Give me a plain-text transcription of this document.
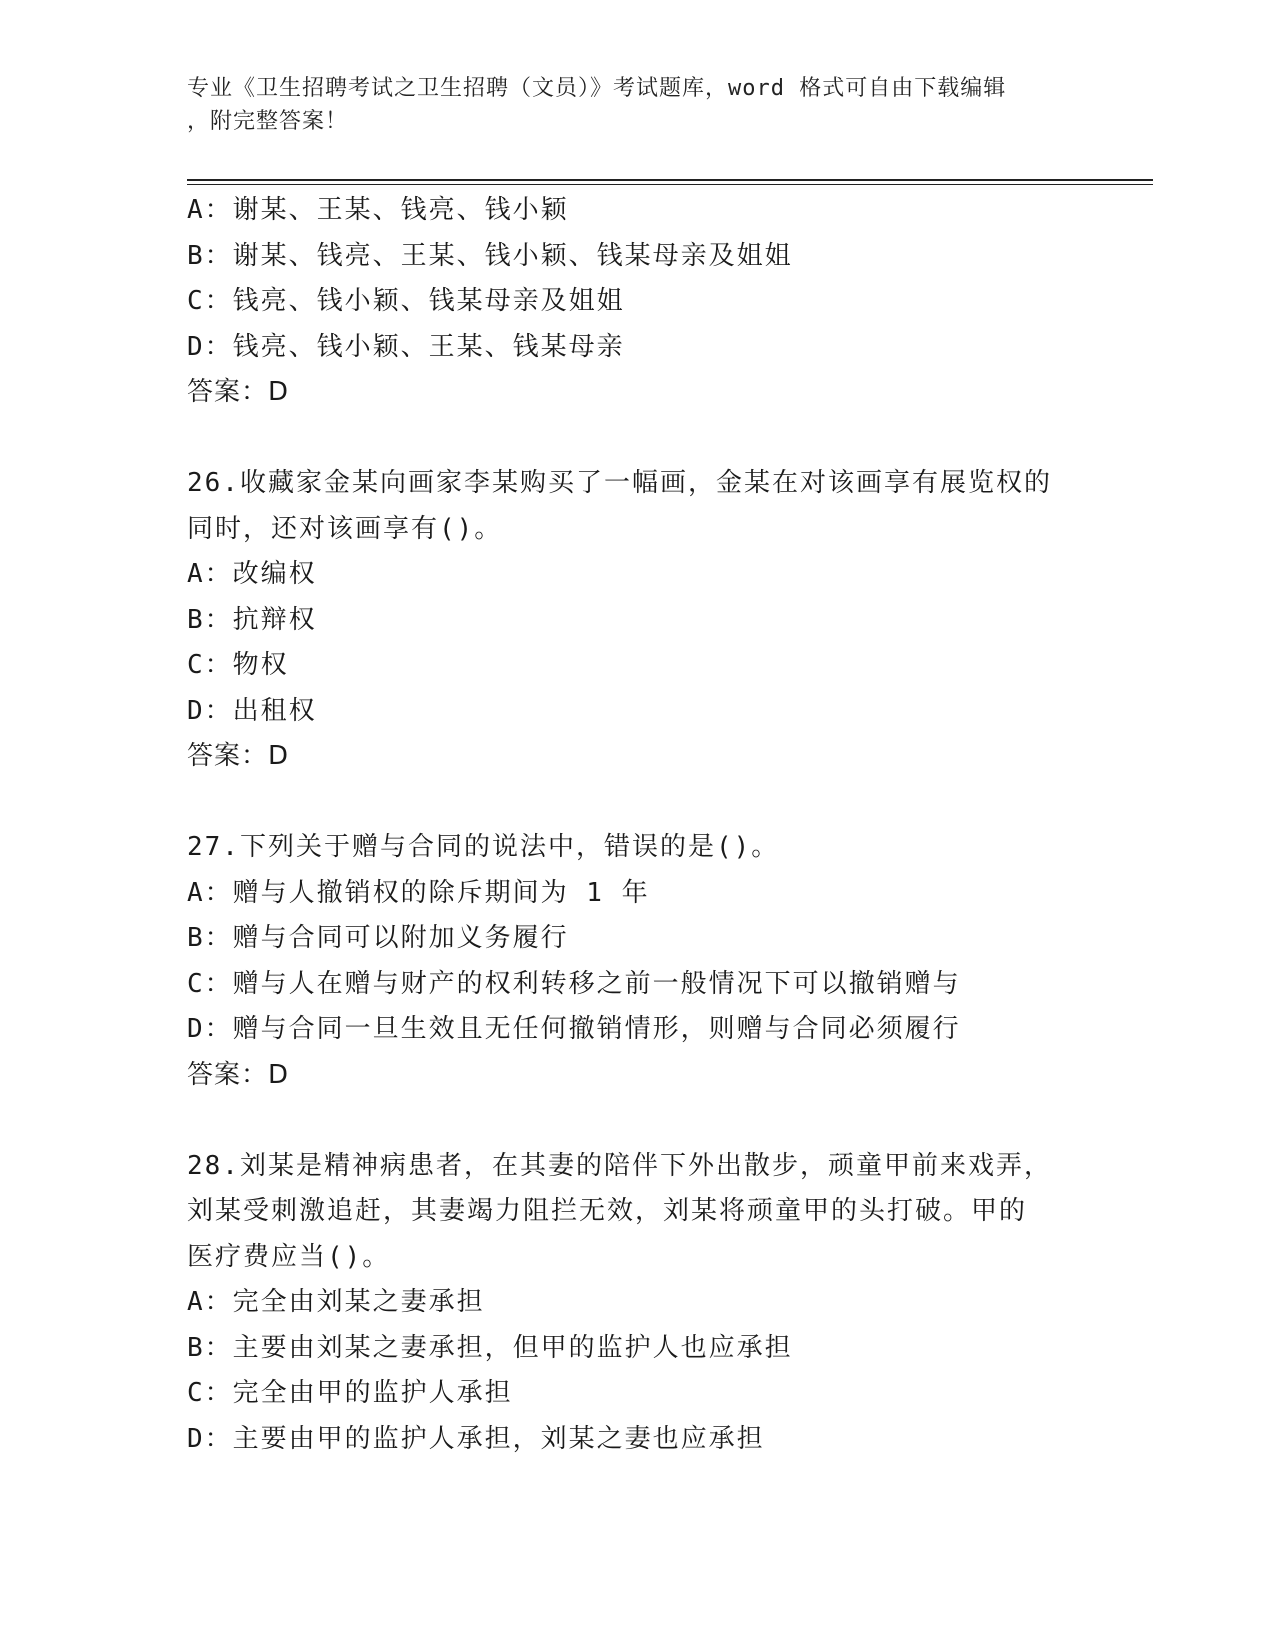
专业《卫生招聘考试之卫生招聘（文员）》考试题库，word 格式可自由下载编辑
，附完整答案！
A：谢某、王某、钱亮、钱小颖
B：谢某、钱亮、王某、钱小颖、钱某母亲及姐姐
C：钱亮、钱小颖、钱某母亲及姐姐
D：钱亮、钱小颖、王某、钱某母亲
答案：D
26.收藏家金某向画家李某购买了一幅画，金某在对该画享有展览权的
同时，还对该画享有()。
A：改编权
B：抗辩权
C：物权
D：出租权
答案：D
27.下列关于赠与合同的说法中，错误的是()。
A：赠与人撤销权的除斥期间为 1 年
B：赠与合同可以附加义务履行
C：赠与人在赠与财产的权利转移之前一般情况下可以撤销赠与
D：赠与合同一旦生效且无任何撤销情形，则赠与合同必须履行
答案：D
28.刘某是精神病患者，在其妻的陪伴下外出散步，顽童甲前来戏弄，
刘某受刺激追赶，其妻竭力阻拦无效，刘某将顽童甲的头打破。甲的
医疗费应当()。
A：完全由刘某之妻承担
B：主要由刘某之妻承担，但甲的监护人也应承担
C：完全由甲的监护人承担
D：主要由甲的监护人承担，刘某之妻也应承担
